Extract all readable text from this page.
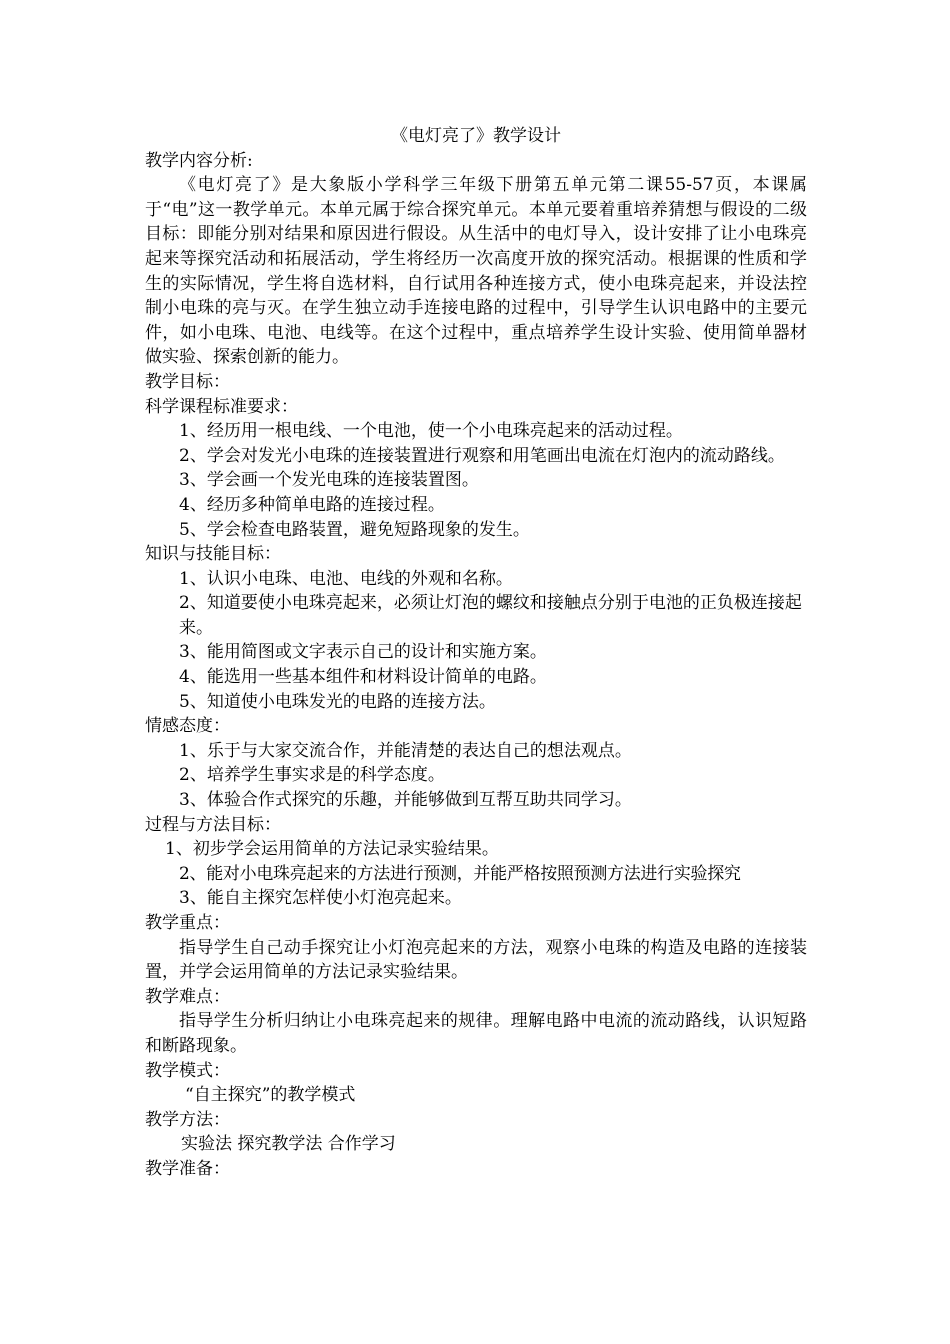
《电灯亮了》教学设计

教学内容分析:

《电灯亮了》是大象版小学科学三年级下册第五单元第二课55-57页，本课属于“电”这一教学单元。本单元属于综合探究单元。本单元要着重培养猜想与假设的二级目标：即能分别对结果和原因进行假设。从生活中的电灯导入，设计安排了让小电珠亮起来等探究活动和拓展活动，学生将经历一次高度开放的探究活动。根据课的性质和学生的实际情况，学生将自选材料，自行试用各种连接方式，使小电珠亮起来，并设法控制小电珠的亮与灭。在学生独立动手连接电路的过程中，引导学生认识电路中的主要元件，如小电珠、电池、电线等。在这个过程中，重点培养学生设计实验、使用简单器材做实验、探索创新的能力。

教学目标：

科学课程标准要求：

1、经历用一根电线、一个电池，使一个小电珠亮起来的活动过程。

2、学会对发光小电珠的连接装置进行观察和用笔画出电流在灯泡内的流动路线。

3、学会画一个发光电珠的连接装置图。

4、经历多种简单电路的连接过程。

5、学会检查电路装置，避免短路现象的发生。

知识与技能目标：

1、认识小电珠、电池、电线的外观和名称。

2、知道要使小电珠亮起来，必须让灯泡的螺纹和接触点分别于电池的正负极连接起来。

3、能用简图或文字表示自己的设计和实施方案。

4、能选用一些基本组件和材料设计简单的电路。

5、知道使小电珠发光的电路的连接方法。

情感态度：

1、乐于与大家交流合作，并能清楚的表达自己的想法观点。

2、培养学生事实求是的科学态度。

3、体验合作式探究的乐趣，并能够做到互帮互助共同学习。

过程与方法目标：

1、初步学会运用简单的方法记录实验结果。

2、能对小电珠亮起来的方法进行预测，并能严格按照预测方法进行实验探究

3、能自主探究怎样使小灯泡亮起来。

教学重点：

指导学生自己动手探究让小灯泡亮起来的方法，观察小电珠的构造及电路的连接装置，并学会运用简单的方法记录实验结果。

教学难点：

指导学生分析归纳让小电珠亮起来的规律。理解电路中电流的流动路线，认识短路和断路现象。

教学模式：

“自主探究”的教学模式

教学方法：

实验法 探究教学法 合作学习

教学准备：
